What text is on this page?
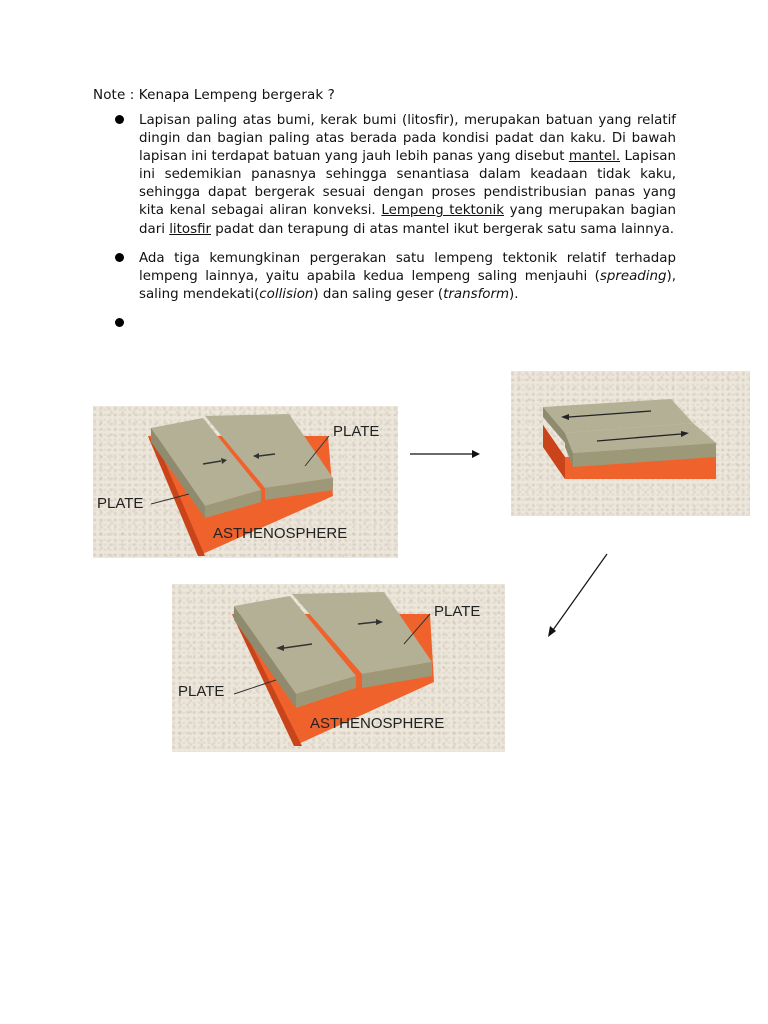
Note : Kenapa Lempeng bergerak ?
Lapisan paling atas bumi, kerak bumi (litosfir), merupakan batuan yang relatif dingin dan bagian paling atas berada pada kondisi padat dan kaku. Di bawah lapisan ini terdapat batuan yang jauh lebih panas yang disebut mantel. Lapisan ini sedemikian panasnya sehingga senantiasa dalam keadaan tidak kaku, sehingga dapat bergerak sesuai dengan proses pendistribusian panas yang kita kenal sebagai aliran konveksi. Lempeng tektonik yang merupakan bagian dari litosfir padat dan terapung di atas mantel ikut bergerak satu sama lainnya.
Ada tiga kemungkinan pergerakan satu lempeng tektonik relatif terhadap lempeng lainnya, yaitu apabila kedua lempeng saling menjauhi (spreading), saling mendekati(collision) dan saling geser (transform).
PLATE
PLATE
ASTHENOSPHERE
PLATE
PLATE
ASTHENOSPHERE
